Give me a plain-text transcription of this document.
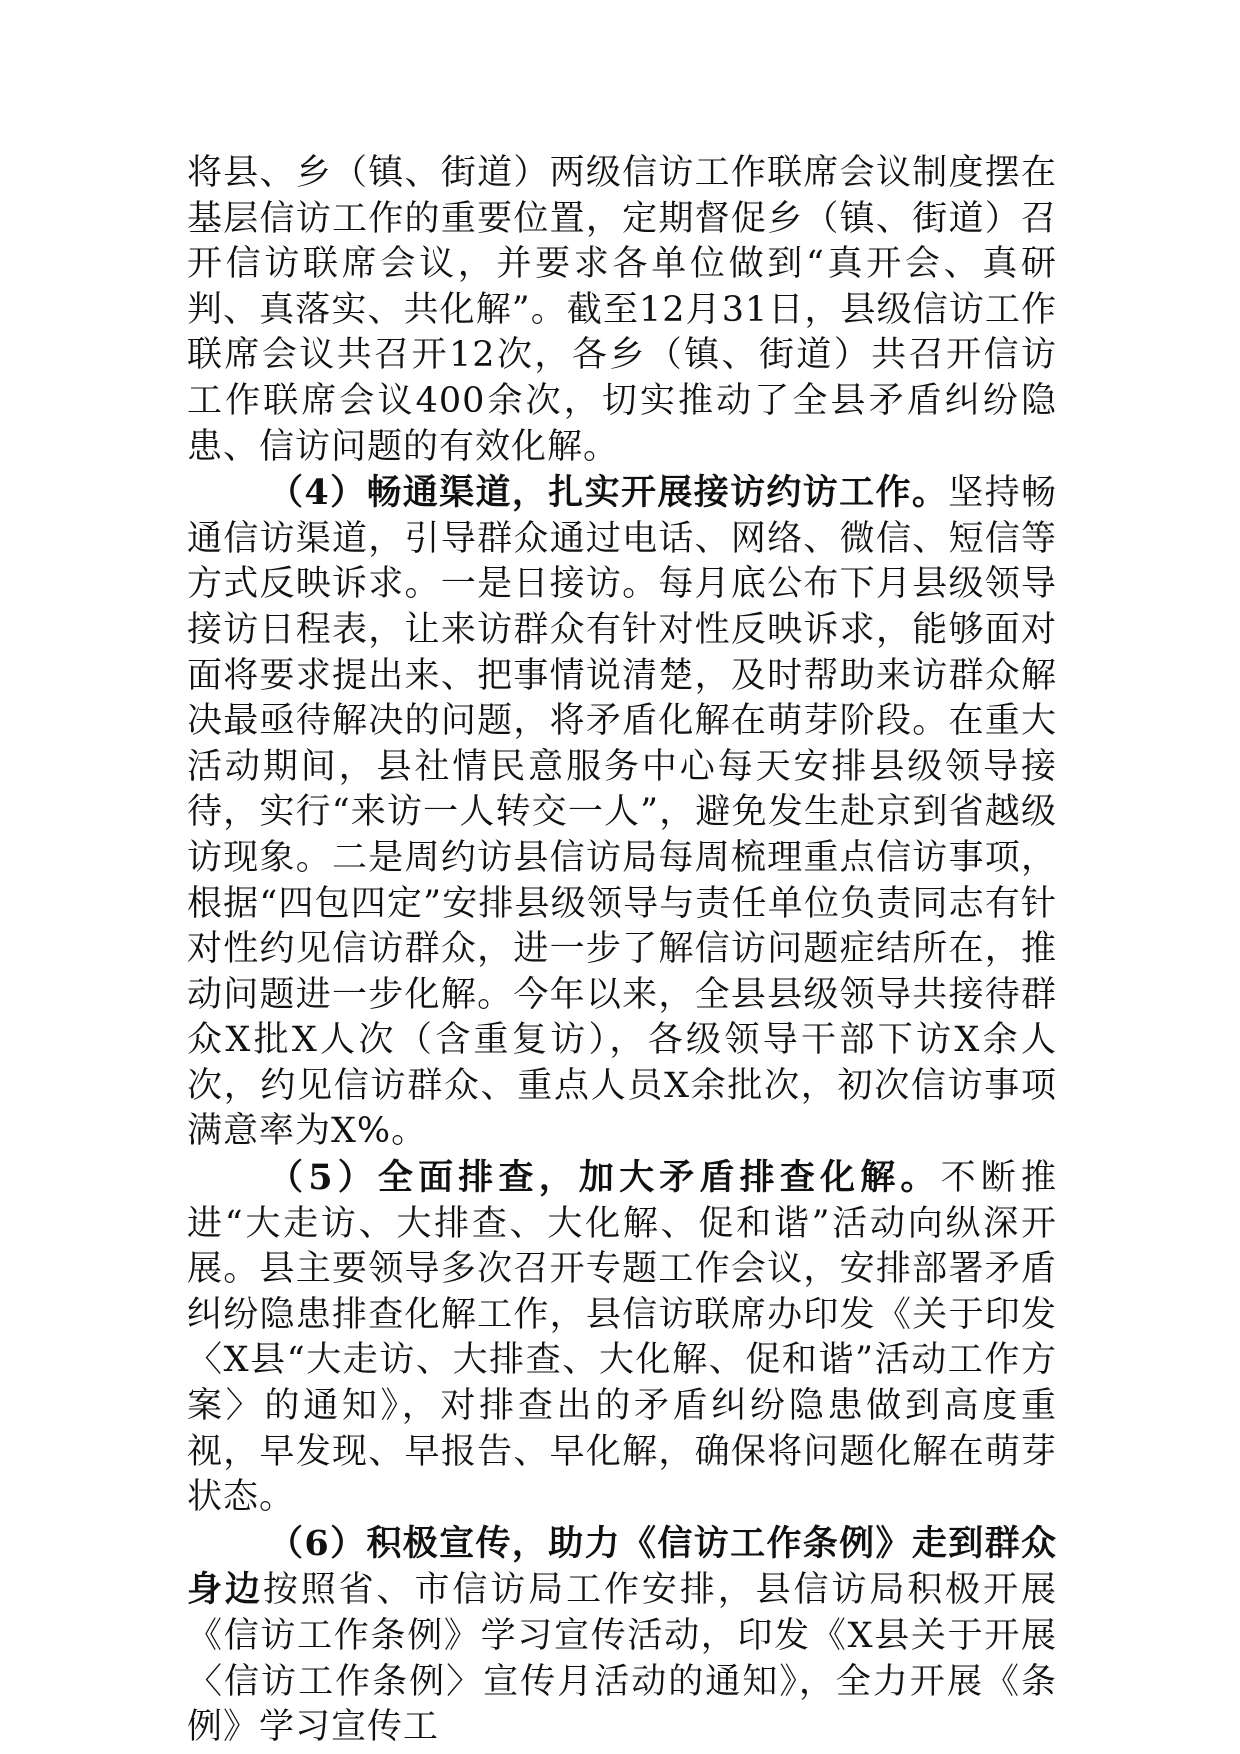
将县、乡（镇、街道）两级信访工作联席会议制度摆在基层信访工作的重要位置，定期督促乡（镇、街道）召开信访联席会议，并要求各单位做到“真开会、真研判、真落实、共化解”。截至12月31日，县级信访工作联席会议共召开12次，各乡（镇、街道）共召开信访工作联席会议400余次，切实推动了全县矛盾纠纷隐患、信访问题的有效化解。

（4）畅通渠道，扎实开展接访约访工作。坚持畅通信访渠道，引导群众通过电话、网络、微信、短信等方式反映诉求。一是日接访。每月底公布下月县级领导接访日程表，让来访群众有针对性反映诉求，能够面对面将要求提出来、把事情说清楚，及时帮助来访群众解决最亟待解决的问题，将矛盾化解在萌芽阶段。在重大活动期间，县社情民意服务中心每天安排县级领导接待，实行“来访一人转交一人”，避免发生赴京到省越级访现象。二是周约访县信访局每周梳理重点信访事项，根据“四包四定”安排县级领导与责任单位负责同志有针对性约见信访群众，进一步了解信访问题症结所在，推动问题进一步化解。今年以来，全县县级领导共接待群众X批X人次（含重复访），各级领导干部下访X余人次，约见信访群众、重点人员X余批次，初次信访事项满意率为X%。

（5）全面排查，加大矛盾排查化解。不断推进“大走访、大排查、大化解、促和谐”活动向纵深开展。县主要领导多次召开专题工作会议，安排部署矛盾纠纷隐患排查化解工作，县信访联席办印发《关于印发〈X县“大走访、大排查、大化解、促和谐”活动工作方案〉的通知》，对排查出的矛盾纠纷隐患做到高度重视，早发现、早报告、早化解，确保将问题化解在萌芽状态。

（6）积极宣传，助力《信访工作条例》走到群众身边按照省、市信访局工作安排，县信访局积极开展《信访工作条例》学习宣传活动，印发《X县关于开展〈信访工作条例〉宣传月活动的通知》，全力开展《条例》学习宣传工
